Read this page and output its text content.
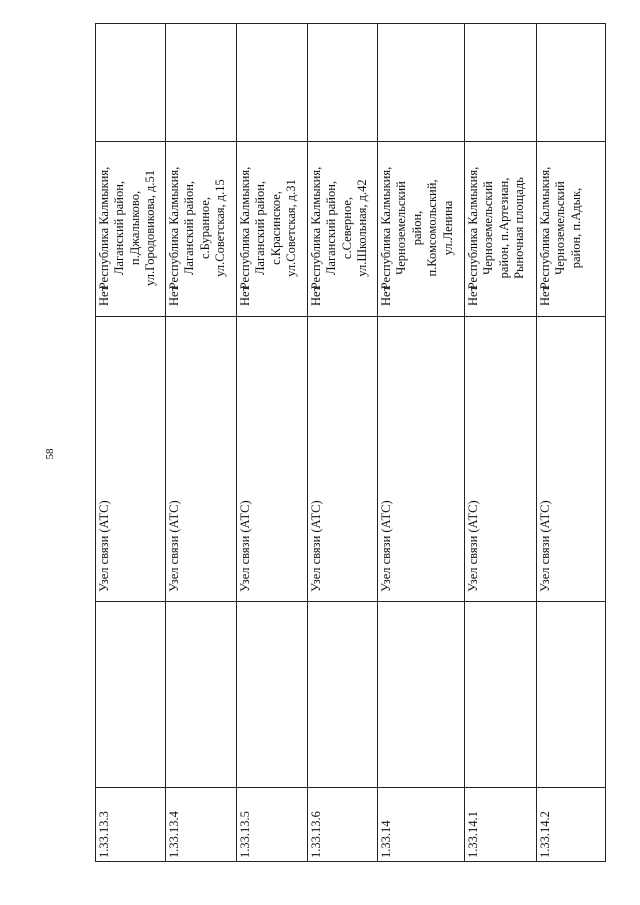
58
1.33.13.3
Узел связи (АТС)
Нет
Республика Калмыкия, Лаганский район, п.Джалыково, ул.Городовикова, д.51
1.33.13.4
Узел связи (АТС)
Нет
Республика Калмыкия, Лаганский район, с.Буранное, ул.Советская, д.15
1.33.13.5
Узел связи (АТС)
Нет
Республика Калмыкия, Лаганский район, с.Красинское, ул.Советская, д.31
1.33.13.6
Узел связи (АТС)
Нет
Республика Калмыкия, Лаганский район, с.Северное, ул.Школьная, д.42
1.33.14
Узел связи (АТС)
Нет
Республика Калмыкия, Черноземельский район, п.Комсомольский, ул.Ленина
1.33.14.1
Узел связи (АТС)
Нет
Республика Калмыкия, Черноземельский район, п.Артезиан, Рыночная площадь
1.33.14.2
Узел связи (АТС)
Нет
Республика Калмыкия, Черноземельский район, п.Адык,
